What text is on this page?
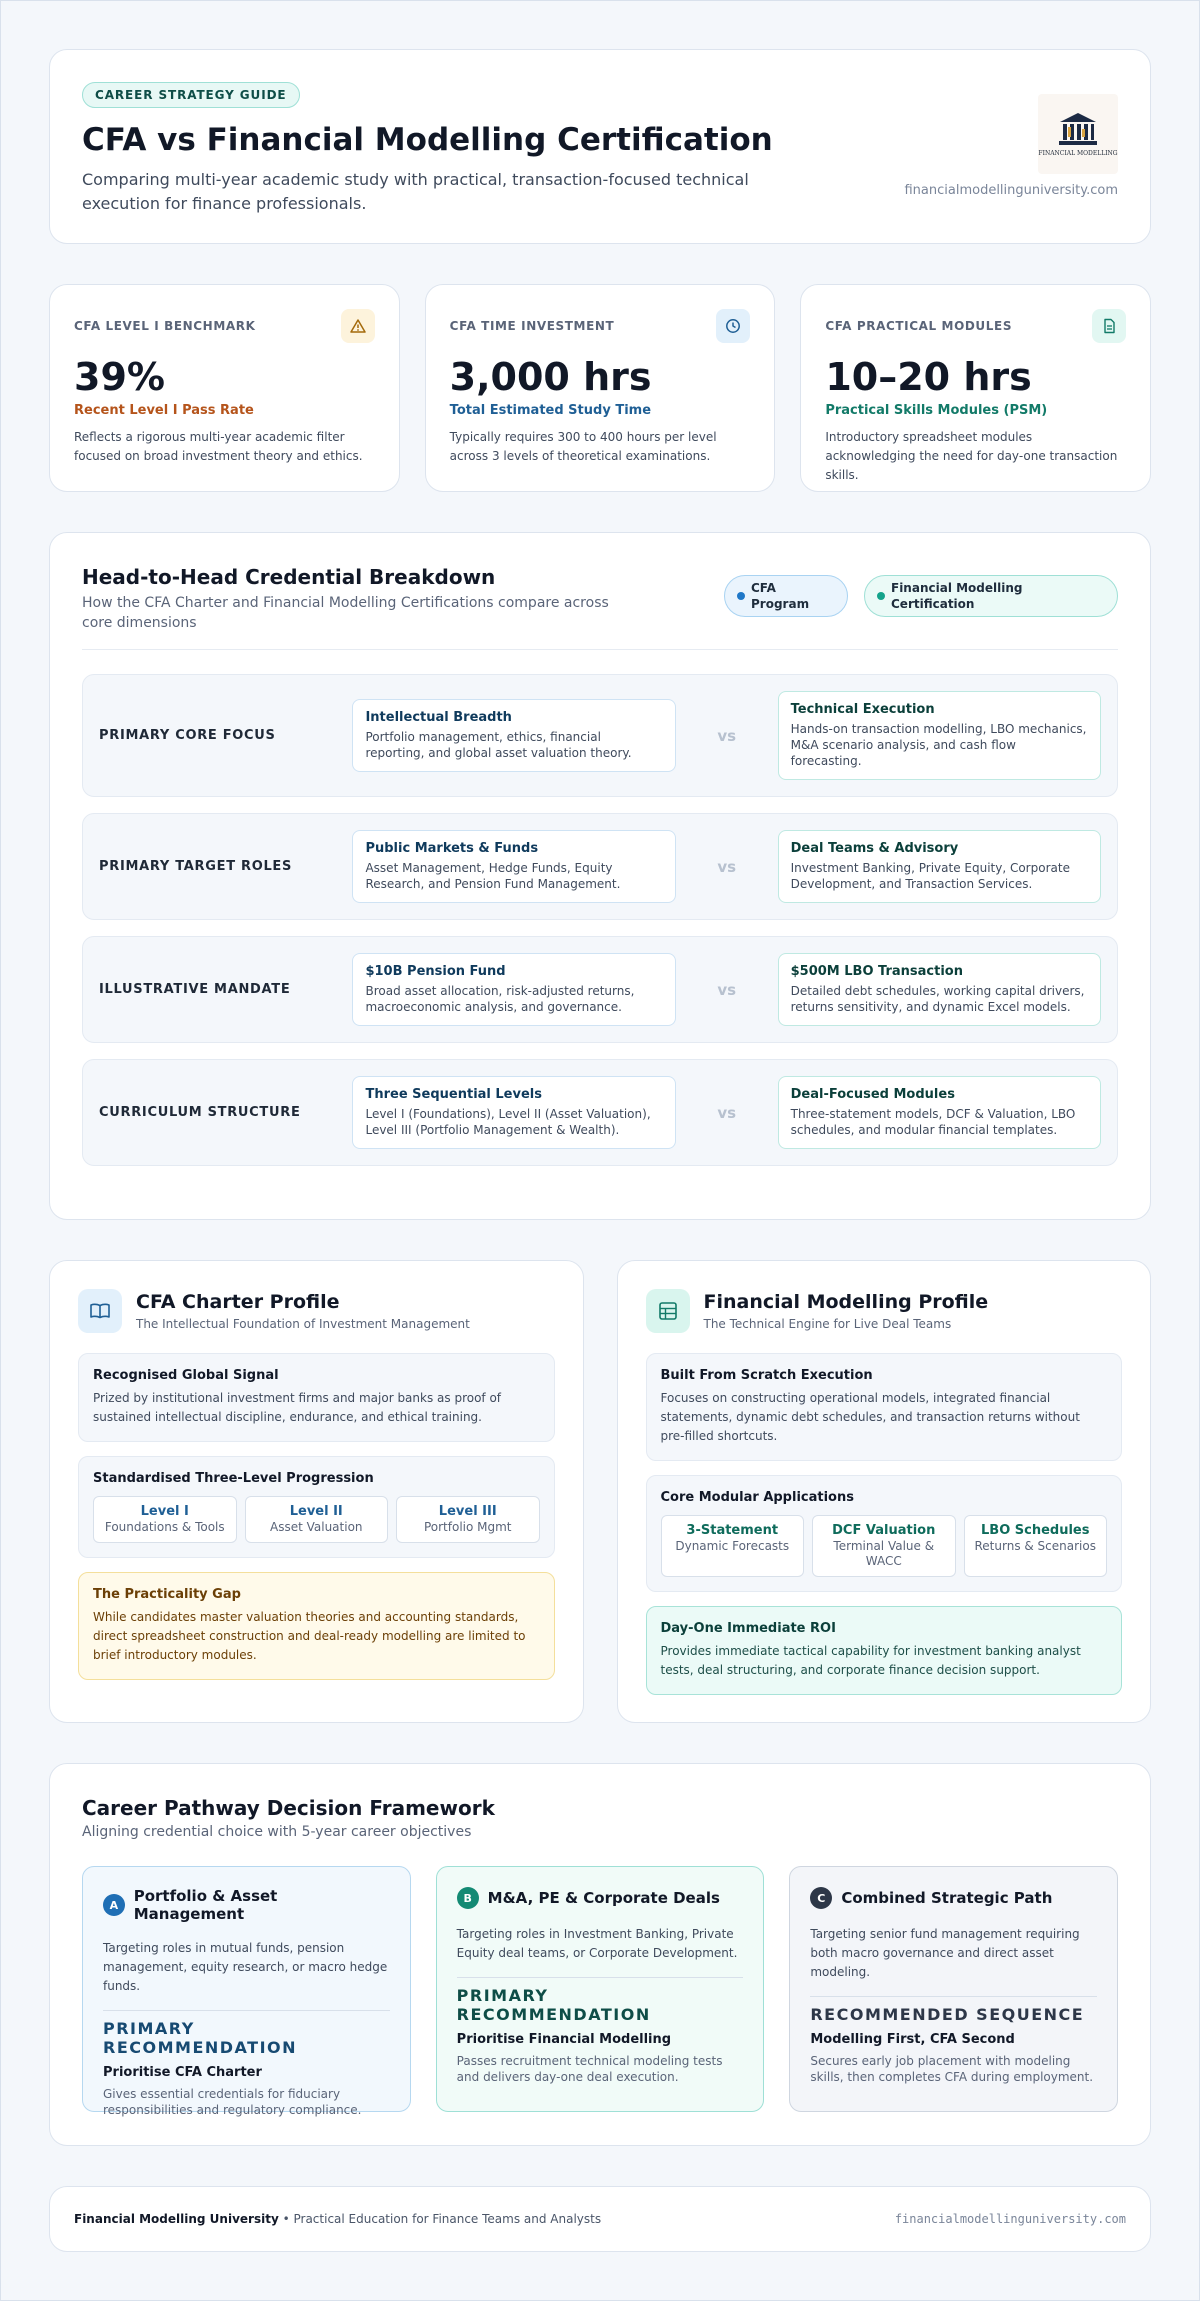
CAREER STRATEGY GUIDE
CFA vs Financial Modelling Certification
Comparing multi-year academic study with practical, transaction-focused technical execution for finance professionals.
FINANCIAL MODELLING
financialmodellinguniversity.com
CFA LEVEL I BENCHMARK
39%
Recent Level I Pass Rate
Reflects a rigorous multi-year academic filter focused on broad investment theory and ethics.
CFA TIME INVESTMENT
3,000 hrs
Total Estimated Study Time
Typically requires 300 to 400 hours per level across 3 levels of theoretical examinations.
CFA PRACTICAL MODULES
10–20 hrs
Practical Skills Modules (PSM)
Introductory spreadsheet modules acknowledging the need for day-one transaction skills.
Head-to-Head Credential Breakdown
How the CFA Charter and Financial Modelling Certifications compare across core dimensions
CFA Program
Financial Modelling Certification
PRIMARY CORE FOCUS
Intellectual Breadth
Portfolio management, ethics, financial reporting, and global asset valuation theory.
vs
Technical Execution
Hands-on transaction modelling, LBO mechanics, M&A scenario analysis, and cash flow forecasting.
PRIMARY TARGET ROLES
Public Markets & Funds
Asset Management, Hedge Funds, Equity Research, and Pension Fund Management.
vs
Deal Teams & Advisory
Investment Banking, Private Equity, Corporate Development, and Transaction Services.
ILLUSTRATIVE MANDATE
$10B Pension Fund
Broad asset allocation, risk-adjusted returns, macroeconomic analysis, and governance.
vs
$500M LBO Transaction
Detailed debt schedules, working capital drivers, returns sensitivity, and dynamic Excel models.
CURRICULUM STRUCTURE
Three Sequential Levels
Level I (Foundations), Level II (Asset Valuation), Level III (Portfolio Management & Wealth).
vs
Deal-Focused Modules
Three-statement models, DCF & Valuation, LBO schedules, and modular financial templates.
CFA Charter Profile
The Intellectual Foundation of Investment Management
Recognised Global Signal
Prized by institutional investment firms and major banks as proof of sustained intellectual discipline, endurance, and ethical training.
Standardised Three-Level Progression
Level I
Foundations & Tools
Level II
Asset Valuation
Level III
Portfolio Mgmt
The Practicality Gap
While candidates master valuation theories and accounting standards, direct spreadsheet construction and deal-ready modelling are limited to brief introductory modules.
Financial Modelling Profile
The Technical Engine for Live Deal Teams
Built From Scratch Execution
Focuses on constructing operational models, integrated financial statements, dynamic debt schedules, and transaction returns without pre-filled shortcuts.
Core Modular Applications
3-Statement
Dynamic Forecasts
DCF Valuation
Terminal Value & WACC
LBO Schedules
Returns & Scenarios
Day-One Immediate ROI
Provides immediate tactical capability for investment banking analyst tests, deal structuring, and corporate finance decision support.
Career Pathway Decision Framework
Aligning credential choice with 5-year career objectives
A	Portfolio & Asset Management
Targeting roles in mutual funds, pension management, equity research, or macro hedge funds.
PRIMARY RECOMMENDATION
Prioritise CFA Charter
Gives essential credentials for fiduciary responsibilities and regulatory compliance.
B	M&A, PE & Corporate Deals
Targeting roles in Investment Banking, Private Equity deal teams, or Corporate Development.
PRIMARY RECOMMENDATION
Prioritise Financial Modelling
Passes recruitment technical modeling tests and delivers day-one deal execution.
C	Combined Strategic Path
Targeting senior fund management requiring both macro governance and direct asset modeling.
RECOMMENDED SEQUENCE
Modelling First, CFA Second
Secures early job placement with modeling skills, then completes CFA during employment.
Financial Modelling University • Practical Education for Finance Teams and Analysts	financialmodellinguniversity.com
